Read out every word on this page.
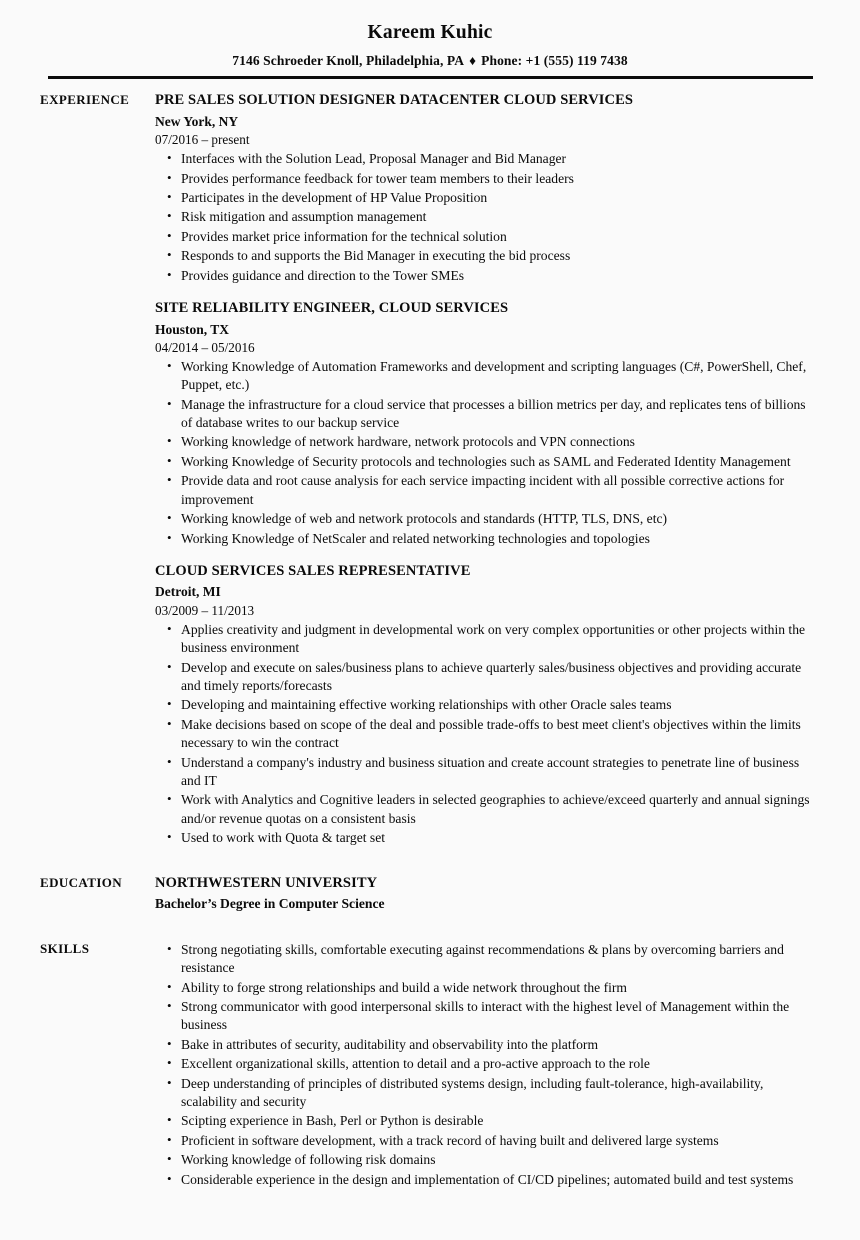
Kareem Kuhic
7146 Schroeder Knoll, Philadelphia, PA ♦ Phone: +1 (555) 119 7438
EXPERIENCE	PRE SALES SOLUTION DESIGNER DATACENTER CLOUD SERVICES
New York, NY
07/2016 – present
• Interfaces with the Solution Lead, Proposal Manager and Bid Manager
• Provides performance feedback for tower team members to their leaders
• Participates in the development of HP Value Proposition
• Risk mitigation and assumption management
• Provides market price information for the technical solution
• Responds to and supports the Bid Manager in executing the bid process
• Provides guidance and direction to the Tower SMEs
SITE RELIABILITY ENGINEER, CLOUD SERVICES
Houston, TX
04/2014 – 05/2016
• Working Knowledge of Automation Frameworks and development and scripting languages (C#, PowerShell, Chef, Puppet, etc.)
• Manage the infrastructure for a cloud service that processes a billion metrics per day, and replicates tens of billions of database writes to our backup service
• Working knowledge of network hardware, network protocols and VPN connections
• Working Knowledge of Security protocols and technologies such as SAML and Federated Identity Management
• Provide data and root cause analysis for each service impacting incident with all possible corrective actions for improvement
• Working knowledge of web and network protocols and standards (HTTP, TLS, DNS, etc)
• Working Knowledge of NetScaler and related networking technologies and topologies
CLOUD SERVICES SALES REPRESENTATIVE
Detroit, MI
03/2009 – 11/2013
• Applies creativity and judgment in developmental work on very complex opportunities or other projects within the business environment
• Develop and execute on sales/business plans to achieve quarterly sales/business objectives and providing accurate and timely reports/forecasts
• Developing and maintaining effective working relationships with other Oracle sales teams
• Make decisions based on scope of the deal and possible trade-offs to best meet client's objectives within the limits necessary to win the contract
• Understand a company's industry and business situation and create account strategies to penetrate line of business and IT
• Work with Analytics and Cognitive leaders in selected geographies to achieve/exceed quarterly and annual signings and/or revenue quotas on a consistent basis
• Used to work with Quota & target set
EDUCATION	NORTHWESTERN UNIVERSITY
Bachelor’s Degree in Computer Science
SKILLS	• Strong negotiating skills, comfortable executing against recommendations & plans by overcoming barriers and resistance
• Ability to forge strong relationships and build a wide network throughout the firm
• Strong communicator with good interpersonal skills to interact with the highest level of Management within the business
• Bake in attributes of security, auditability and observability into the platform
• Excellent organizational skills, attention to detail and a pro-active approach to the role
• Deep understanding of principles of distributed systems design, including fault-tolerance, high-availability, scalability and security
• Scipting experience in Bash, Perl or Python is desirable
• Proficient in software development, with a track record of having built and delivered large systems
• Working knowledge of following risk domains
• Considerable experience in the design and implementation of CI/CD pipelines; automated build and test systems
